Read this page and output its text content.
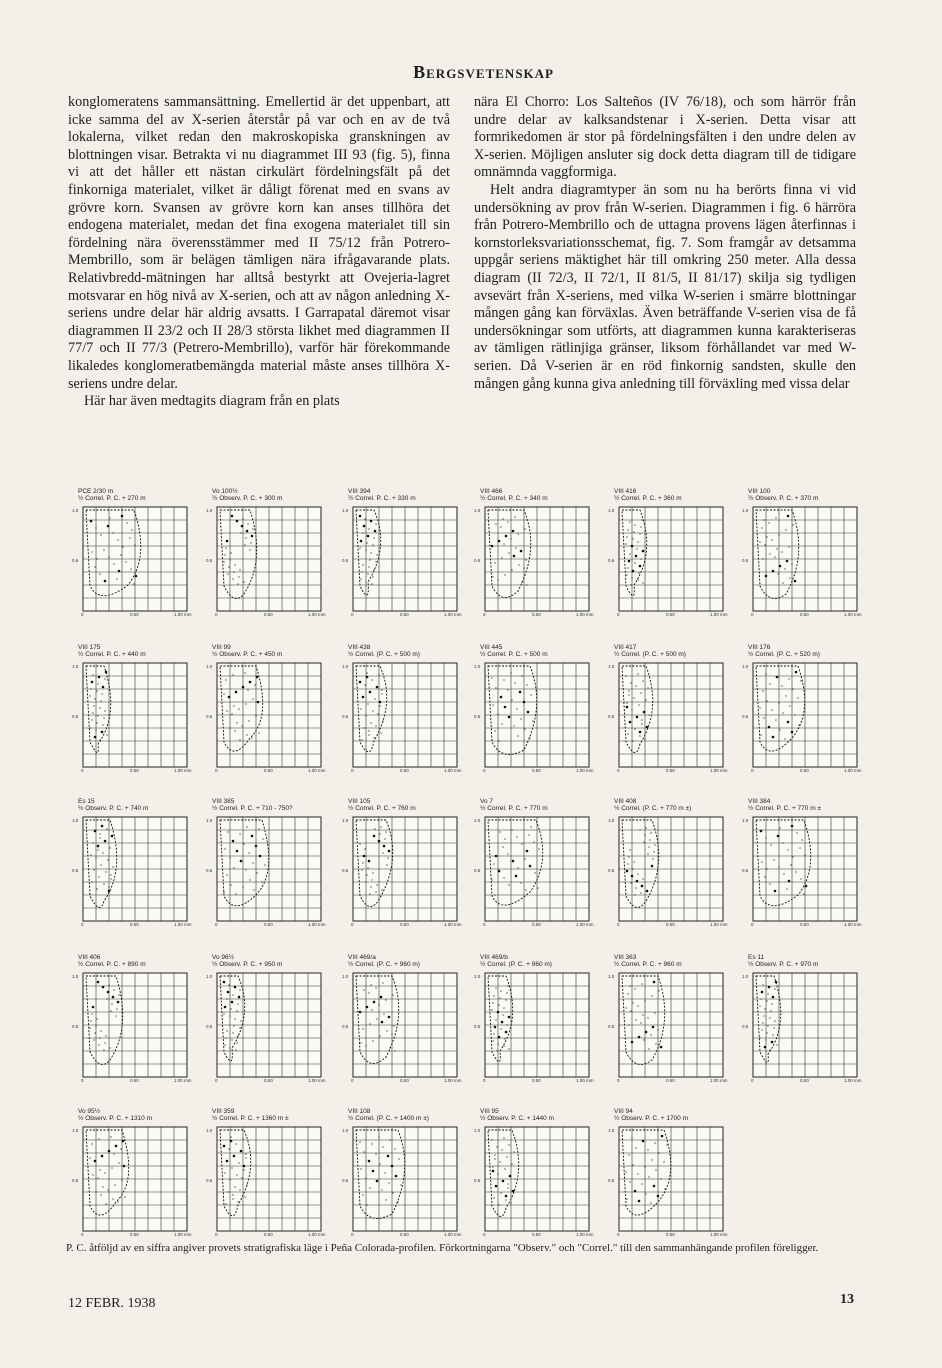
Bergsvetenskap

konglomeratens sammansättning. Emellertid är det uppenbart, att icke samma del av X-serien återstår på var och en av de två lokalerna, vilket redan den makroskopiska granskningen av blottningen visar. Betrakta vi nu diagrammet III 93 (fig. 5), finna vi att det håller ett nästan cirkulärt fördelningsfält på det finkorniga materialet, vilket är dåligt förenat med en svans av grövre korn. Svansen av grövre korn kan anses tillhöra det endogena materialet, medan det fina exogena materialet till sin fördelning nära överensstämmer med II 75/12 från Potrero-Membrillo, som är belägen tämligen nära ifrågavarande plats. Relativbredd-mätningen har alltså bestyrkt att Ovejeria-lagret motsvarar en hög nivå av X-serien, och att av någon anledning X-seriens undre delar här aldrig avsatts. I Garrapatal däremot visar diagrammen II 23/2 och II 28/3 största likhet med diagrammen II 77/7 och II 77/3 (Petrero-Membrillo), varför här förekommande likaledes konglomeratbemängda material måste anses tillhöra X-seriens undre delar.

Här har även medtagits diagram från en plats

nära El Chorro: Los Salteños (IV 76/18), och som härrör från undre delar av kalksandstenar i X-serien. Detta visar att formrikedomen är stor på fördelningsfälten i den undre delen av X-serien. Möjligen ansluter sig dock detta diagram till de tidigare omnämnda vaggformiga.

Helt andra diagramtyper än som nu ha berörts finna vi vid undersökning av prov från W-serien. Diagrammen i fig. 6 härröra från Potrero-Membrillo och de uttagna provens lägen återfinnas i kornstorleksvariationsschemat, fig. 7. Som framgår av detsamma uppgår seriens mäktighet här till omkring 250 meter. Alla dessa diagram (II 72/3, II 72/1, II 81/5, II 81/17) skilja sig tydligen avsevärt från X-seriens, med vilka W-serien i smärre blottningar mången gång kan förväxlas. Även beträffande V-serien visa de få undersökningar som utförts, att diagrammen kunna karakteriseras av tämligen rätlinjiga gränser, liksom förhållandet var med W-serien. Då V-serien är en röd finkornig sandsten, skulle den mången gång kunna giva anledning till förväxling med vissa delar

PCE 2/30 m
½ Correl. P. C. + 270 m
1.0
0.5
0	0.50	1.00 mm
Vo 100½
½ Observ. P. C. + 300 m
1.0
0.5
0	0.50	1.00 mm
VIII 394
½ Correl. P. C. + 330 m
1.0
0.5
0	0.50	1.00 mm
VIII 466
½ Correl. P. C. + 340 m
1.0
0.5
0	0.50	1.00 mm
VIII 416
½ Correl. P. C. + 360 m
1.0
0.5
0	0.50	1.00 mm
VIII 100
½ Observ. P. C. + 370 m
1.0
0.5
0	0.50	1.00 mm
VIII 175
½ Correl. P. C. + 440 m
1.0
0.5
0	0.50	1.00 mm
VIII 99
½ Observ. P. C. + 450 m
1.0
0.5
0	0.50	1.00 mm
VIII 438
½ Correl. (P. C. + 500 m)
1.0
0.5
0	0.50	1.00 mm
VIII 445
½ Correl. P. C. + 500 m
1.0
0.5
0	0.50	1.00 mm
VIII 417
½ Correl. (P. C. + 500 m)
1.0
0.5
0	0.50	1.00 mm
VIII 176
½ Correl. (P. C. + 520 m)
1.0
0.5
0	0.50	1.00 mm
Es 15
½ Observ. P. C. + 740 m
1.0
0.5
0	0.50	1.00 mm
VIII 385
½ Correl. P. C. + 710 - 750?
1.0
0.5
0	0.50	1.00 mm
VIII 105
½ Correl. P. C. + 760 m
1.0
0.5
0	0.50	1.00 mm
Vo 7
½ Correl. P. C. + 770 m
1.0
0.5
0	0.50	1.00 mm
VIII 408
½ Correl. (P. C. + 770 m ±)
1.0
0.5
0	0.50	1.00 mm
VIII 384
½ Correl. P. C. + 770 m ±
1.0
0.5
0	0.50	1.00 mm
VIII 406
½ Correl. P. C. + 890 m
1.0
0.5
0	0.50	1.00 mm
Vo 96½
½ Observ. P. C. + 950 m
1.0
0.5
0	0.50	1.00 mm
VIII 469/a
½ Correl. (P. C. + 960 m)
1.0
0.5
0	0.50	1.00 mm
VIII 469/b
½ Correl. (P. C. + 960 m)
1.0
0.5
0	0.50	1.00 mm
VIII 363
½ Correl. P. C. + 960 m
1.0
0.5
0	0.50	1.00 mm
Es 11
½ Observ. P. C. + 970 m
1.0
0.5
0	0.50	1.00 mm
Vo 95½
½ Observ. P. C. + 1310 m
1.0
0.5
0	0.50	1.00 mm
VIII 359
½ Correl. P. C. + 1360 m ±
1.0
0.5
0	0.50	1.00 mm
VIII 108
½ Correl. (P. C. + 1400 m ±)
1.0
0.5
0	0.50	1.00 mm
VIII 95
½ Observ. P. C. + 1440 m
1.0
0.5
0	0.50	1.00 mm
VIII 94
½ Observ. P. C. + 1700 m
1.0
0.5
0	0.50	1.00 mm
P. C. åtföljd av en siffra angiver provets stratigrafiska läge i Peña Colorada-profilen. Förkortningarna "Observ." och "Correl." till den sammanhängande profilen föreligger.
12 FEBR. 1938	13
